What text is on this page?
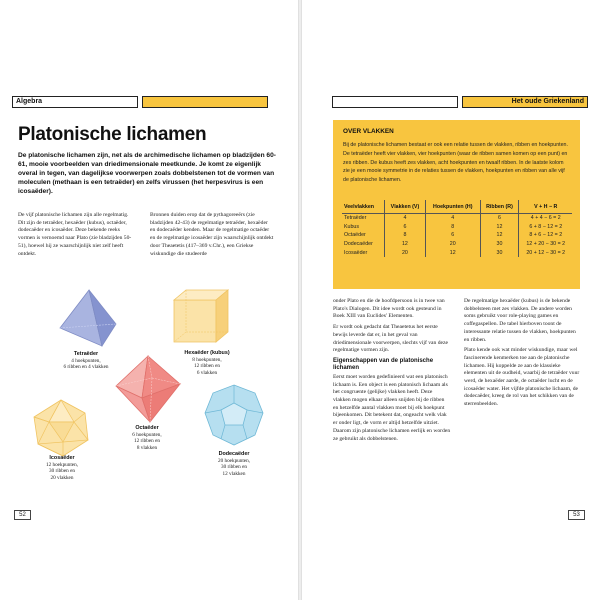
Algebra
Platonische lichamen
De platonische lichamen zijn, net als de archimedische lichamen op bladzijden 60-61, mooie voorbeelden van driedimensionale meetkunde. Je komt ze eigenlijk overal in tegen, van dagelijkse voorwerpen zoals dobbelstenen tot de vormen van moleculen (methaan is een tetraëder) en zelfs virussen (het herpesvirus is een icosaëder).

De vijf platonische lichamen zijn alle regelmatig. Dit zijn de tetraëder, hexaëder (kubus), octaëder, dodecaëder en icosaëder. Deze bekende reeks vormen is vernoemd naar Plato (zie bladzijden 50-51), hoewel hij ze waarschijnlijk niet zelf heeft ontdekt.

Bronnen duiden erop dat de pythagoreeërs (zie bladzijden 42-43) de regelmatige tetraëder, hexaëder en dodecaëder kenden. Maar de regelmatige octaëder en de regelmatige icosaëder zijn waarschijnlijk ontdekt door Theaetetis (417–369 v.Chr.), een Griekse wiskundige die studeerde

Tetraëder
4 hoekpunten,
6 ribben en 4 vlakken
Hexaëder (kubus)
8 hoekpunten,
12 ribben en
6 vlakken
Octaëder
6 hoekpunten,
12 ribben en
8 vlakken
Icosaëder
12 hoekpunten,
30 ribben en
20 vlakken
Dodecaëder
20 hoekpunten,
30 ribben en
12 vlakken
52
Het oude Griekenland
OVER VLAKKEN
Bij de platonische lichamen bestaat er ook een relatie tussen de vlakken, ribben en hoekpunten. De tetraëder heeft vier vlakken, vier hoekpunten (waar de ribben samen komen op een punt) en zes ribben. De kubus heeft zes vlakken, acht hoekpunten en twaalf ribben. In de laatste kolom zie je een mooie symmetrie in de relaties tussen de vlakken, hoekpunten en ribben van alle vijf de platonische lichamen.
Veelvlakken	Vlakken (V)	Hoekpunten (H)	Ribben (R)	V + H − R
Tetraëder	4	4	6	4 + 4 − 6 = 2
Kubus	6	8	12	6 + 8 − 12 = 2
Octaëder	8	6	12	8 + 6 − 12 = 2
Dodecaëder	12	20	30	12 + 20 − 30 = 2
Icosaëder	20	12	30	20 + 12 − 30 = 2

onder Plato en die de hoofdpersoon is in twee van Plato's Dialogen. Dit idee wordt ook gesteund in Boek XIII van Euclides' Elementen.

Er wordt ook gedacht dat Theaetetus het eerste bewijs leverde dat er, in het geval van driedimensionale voorwerpen, slechts vijf van deze regelmatige vormen zijn.

Eigenschappen van de platonische lichamen

Eerst moet worden gedefinieerd wat een platonisch lichaam is. Een object is een platonisch lichaam als het congruente (gelijke) vlakken heeft. Deze vlakken mogen elkaar alleen snijden bij de ribben en hetzelfde aantal vlakken moet bij elk hoekpunt bijeenkomen. Dit betekent dat, ongeacht welk vlak er onder ligt, de vorm er altijd hetzelfde uitziet. Daarom zijn platonische lichamen eerlijk en worden ze gebruikt als dobbelstenen.

De regelmatige hexaëder (kubus) is de bekende dobbelsteen met zes vlakken. De andere worden soms gebruikt voor role-playing games en coffegaspellen. De tabel hierboven toont de interessante relatie tussen de vlakken, hoekpunten en ribben.

Plato kende ook wat minder wiskundige, maar wel fascinerende kenmerken toe aan de platonische lichamen. Hij koppelde ze aan de klassieke elementen uit de oudheid, waarbij de tetraëder vuur werd, de hexaëder aarde, de octaëder lucht en de icosaëder water. Het vijfde platonische lichaam, de dodecaëder, kreeg de rol van het schikken van de sterrenbeelden.

53
